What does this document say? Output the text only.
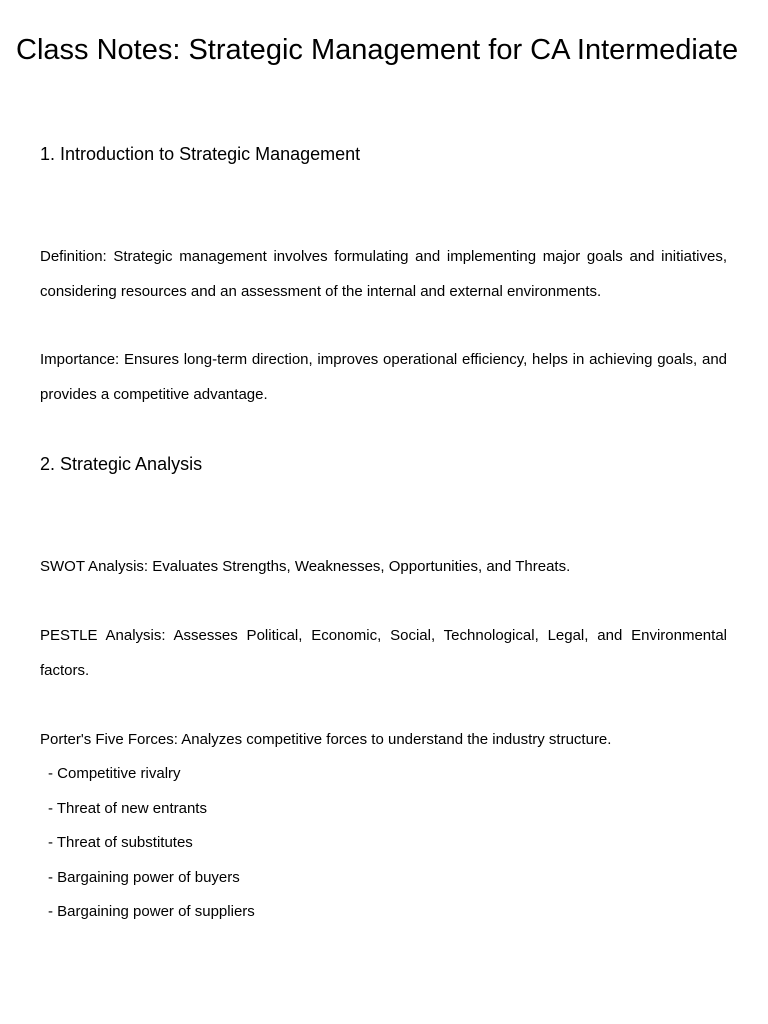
Class Notes: Strategic Management for CA Intermediate
1. Introduction to Strategic Management

Definition: Strategic management involves formulating and implementing major goals and initiatives, considering resources and an assessment of the internal and external environments.

Importance: Ensures long-term direction, improves operational efficiency, helps in achieving goals, and provides a competitive advantage.

2. Strategic Analysis

SWOT Analysis: Evaluates Strengths, Weaknesses, Opportunities, and Threats.

PESTLE Analysis: Assesses Political, Economic, Social, Technological, Legal, and Environmental factors.

Porter's Five Forces: Analyzes competitive forces to understand the industry structure.

- Competitive rivalry

- Threat of new entrants

- Threat of substitutes

- Bargaining power of buyers

- Bargaining power of suppliers
